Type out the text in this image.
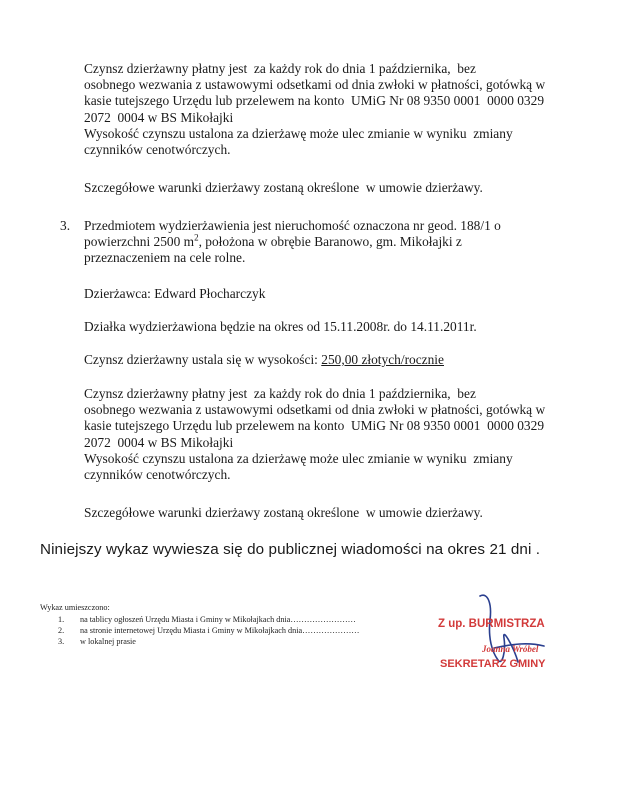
Czynsz dzierżawny płatny jest  za każdy rok do dnia 1 października,  bez
osobnego wezwania z ustawowymi odsetkami od dnia zwłoki w płatności, gotówką w
kasie tutejszego Urzędu lub przelewem na konto  UMiG Nr 08 9350 0001  0000 0329
2072  0004 w BS Mikołajki
Wysokość czynszu ustalona za dzierżawę może ulec zmianie w wyniku  zmiany
czynników cenotwórczych.
Szczegółowe warunki dzierżawy zostaną określone  w umowie dzierżawy.
3. Przedmiotem wydzierżawienia jest nieruchomość oznaczona nr geod. 188/1 o
powierzchni 2500 $m^2$, położona w obrębie Baranowo, gm. Mikołajki z
przeznaczeniem na cele rolne.
Dzierżawca: Edward Płocharczyk
Działka wydzierżawiona będzie na okres od 15.11.2008r. do 14.11.2011r.
Czynsz dzierżawny ustala się w wysokości: 250,00 złotych/rocznie
Czynsz dzierżawny płatny jest  za każdy rok do dnia 1 października,  bez
osobnego wezwania z ustawowymi odsetkami od dnia zwłoki w płatności, gotówką w
kasie tutejszego Urzędu lub przelewem na konto  UMiG Nr 08 9350 0001  0000 0329
2072  0004 w BS Mikołajki
Wysokość czynszu ustalona za dzierżawę może ulec zmianie w wyniku  zmiany
czynników cenotwórczych.
Szczegółowe warunki dzierżawy zostaną określone  w umowie dzierżawy.
Niniejszy wykaz wywiesza się do publicznej wiadomości na okres 21 dni .
Wykaz umieszczono:
1. na tablicy ogłoszeń Urzędu Miasta i Gminy w Mikołajkach dnia……………………
2. na stronie internetowej Urzędu Miasta i Gminy w Mikołajkach dnia…………………
3. w lokalnej prasie
Z up. BURMISTRZA
Joanna Wróbel
SEKRETARZ GMINY
